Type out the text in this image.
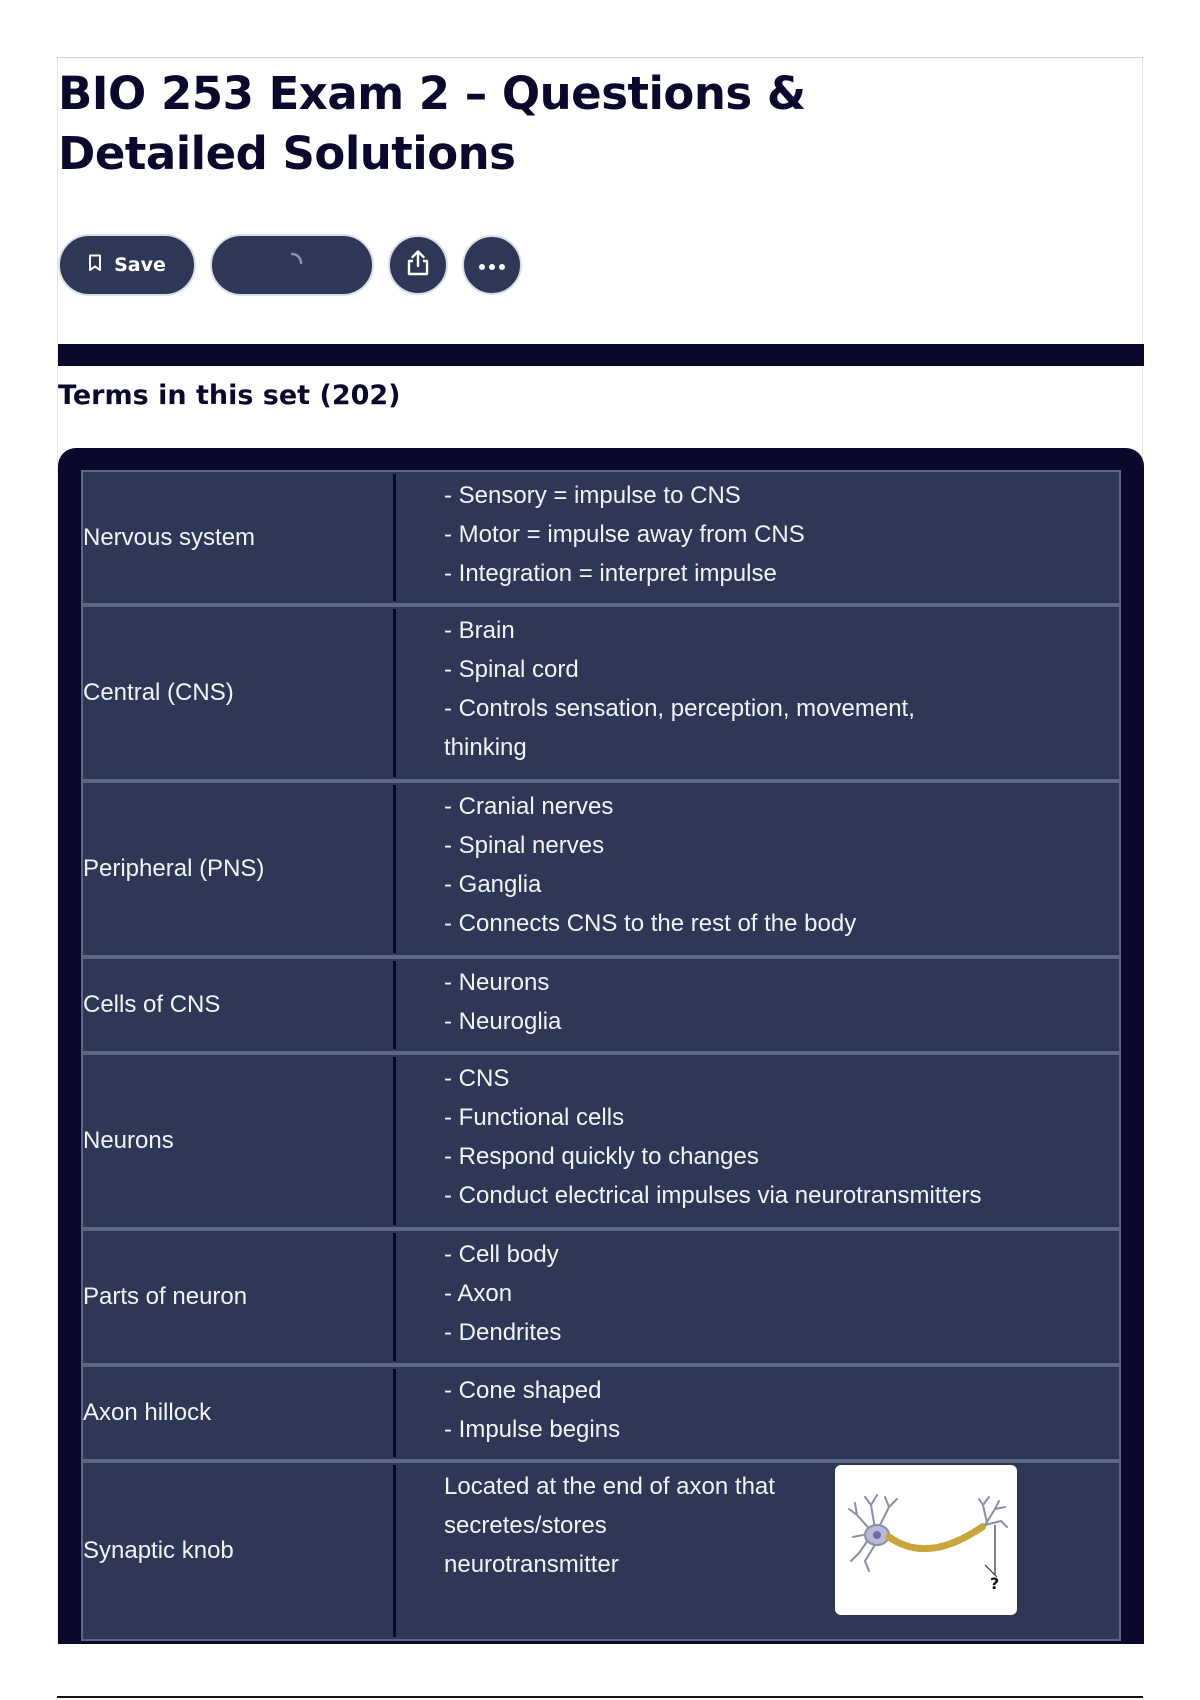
BIO 253 Exam 2 – Questions & Detailed Solutions
Save
Terms in this set (202)
Nervous system
- Sensory = impulse to CNS
- Motor = impulse away from CNS
- Integration = interpret impulse
Central (CNS)
- Brain
- Spinal cord
- Controls sensation, perception, movement,
thinking
Peripheral (PNS)
- Cranial nerves
- Spinal nerves
- Ganglia
- Connects CNS to the rest of the body
Cells of CNS
- Neurons
- Neuroglia
Neurons
- CNS
- Functional cells
- Respond quickly to changes
- Conduct electrical impulses via neurotransmitters
Parts of neuron
- Cell body
- Axon
- Dendrites
Axon hillock
- Cone shaped
- Impulse begins
Synaptic knob
Located at the end of axon that
secretes/stores
neurotransmitter
?
